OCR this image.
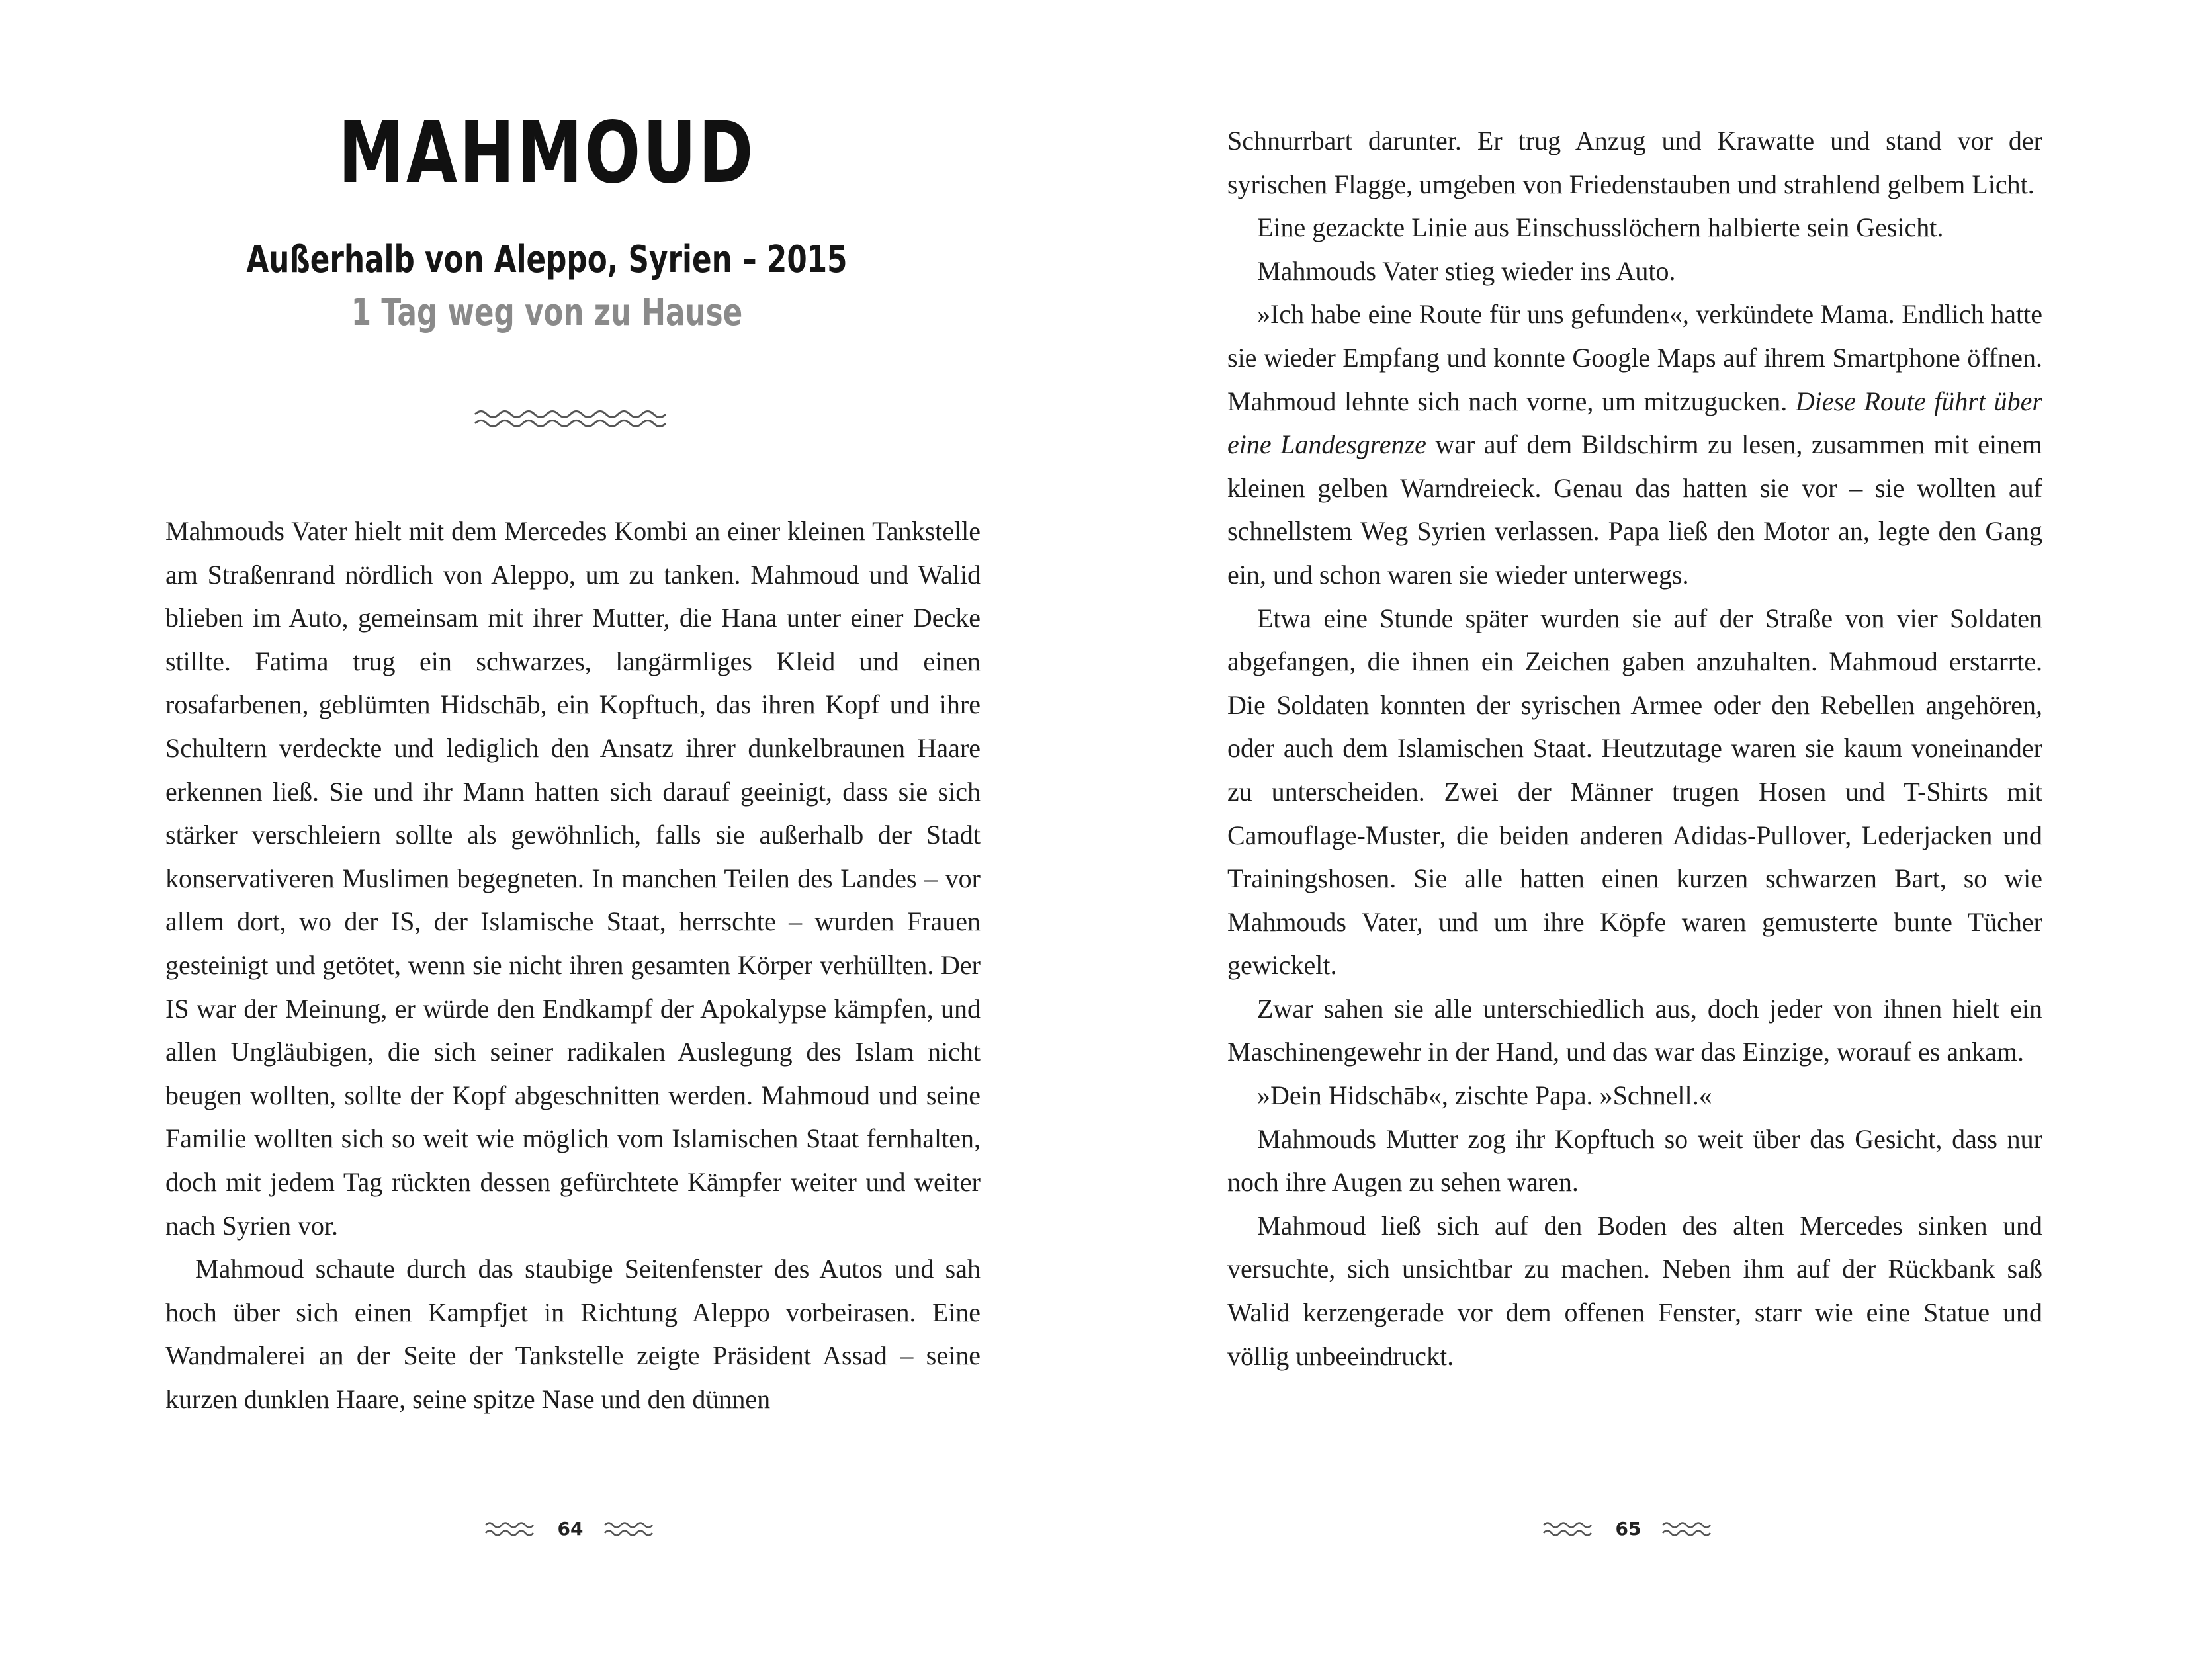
MAHMOUD
Außerhalb von Aleppo, Syrien – 2015
1 Tag weg von zu Hause

Mahmouds Vater hielt mit dem Mercedes Kombi an einer kleinen Tankstelle am Straßenrand nördlich von Aleppo, um zu tanken. Mahmoud und Walid blieben im Auto, gemeinsam mit ihrer Mutter, die Hana unter einer Decke stillte. Fatima trug ein schwarzes, langärmliges Kleid und einen rosafarbenen, geblümten Hidschāb, ein Kopftuch, das ihren Kopf und ihre Schultern verdeckte und lediglich den Ansatz ihrer dunkelbraunen Haare erkennen ließ. Sie und ihr Mann hatten sich darauf geeinigt, dass sie sich stärker verschleiern sollte als gewöhnlich, falls sie außerhalb der Stadt konservativeren Muslimen begegneten. In manchen Teilen des Landes – vor allem dort, wo der IS, der Islamische Staat, herrschte – wurden Frauen gesteinigt und getötet, wenn sie nicht ihren gesamten Körper verhüllten. Der IS war der Meinung, er würde den Endkampf der Apokalypse kämpfen, und allen Ungläubigen, die sich seiner radikalen Auslegung des Islam nicht beugen wollten, sollte der Kopf abgeschnitten werden. Mahmoud und seine Familie wollten sich so weit wie möglich vom Islamischen Staat fernhalten, doch mit jedem Tag rückten dessen gefürchtete Kämpfer weiter und weiter nach Syrien vor.

Mahmoud schaute durch das staubige Seitenfenster des Autos und sah hoch über sich einen Kampfjet in Richtung Aleppo vorbeirasen. Eine Wandmalerei an der Seite der Tankstelle zeigte Präsident Assad – seine kurzen dunklen Haare, seine spitze Nase und den dünnen

64

Schnurrbart darunter. Er trug Anzug und Krawatte und stand vor der syrischen Flagge, umgeben von Friedenstauben und strahlend gelbem Licht.

Eine gezackte Linie aus Einschusslöchern halbierte sein Gesicht.

Mahmouds Vater stieg wieder ins Auto.

»Ich habe eine Route für uns gefunden«, verkündete Mama. Endlich hatte sie wieder Empfang und konnte Google Maps auf ihrem Smartphone öffnen. Mahmoud lehnte sich nach vorne, um mitzugucken. Diese Route führt über eine Landesgrenze war auf dem Bildschirm zu lesen, zusammen mit einem kleinen gelben Warndreieck. Genau das hatten sie vor – sie wollten auf schnellstem Weg Syrien verlassen. Papa ließ den Motor an, legte den Gang ein, und schon waren sie wieder unterwegs.

Etwa eine Stunde später wurden sie auf der Straße von vier Soldaten abgefangen, die ihnen ein Zeichen gaben anzuhalten. Mahmoud erstarrte. Die Soldaten konnten der syrischen Armee oder den Rebellen angehören, oder auch dem Islamischen Staat. Heutzutage waren sie kaum voneinander zu unterscheiden. Zwei der Männer trugen Hosen und T-Shirts mit Camouflage-Muster, die beiden anderen Adidas-Pullover, Lederjacken und Trainingshosen. Sie alle hatten einen kurzen schwarzen Bart, so wie Mahmouds Vater, und um ihre Köpfe waren gemusterte bunte Tücher gewickelt.

Zwar sahen sie alle unterschiedlich aus, doch jeder von ihnen hielt ein Maschinengewehr in der Hand, und das war das Einzige, worauf es ankam.

»Dein Hidschāb«, zischte Papa. »Schnell.«

Mahmouds Mutter zog ihr Kopftuch so weit über das Gesicht, dass nur noch ihre Augen zu sehen waren.

Mahmoud ließ sich auf den Boden des alten Mercedes sinken und versuchte, sich unsichtbar zu machen. Neben ihm auf der Rückbank saß Walid kerzengerade vor dem offenen Fenster, starr wie eine Statue und völlig unbeeindruckt.

65
